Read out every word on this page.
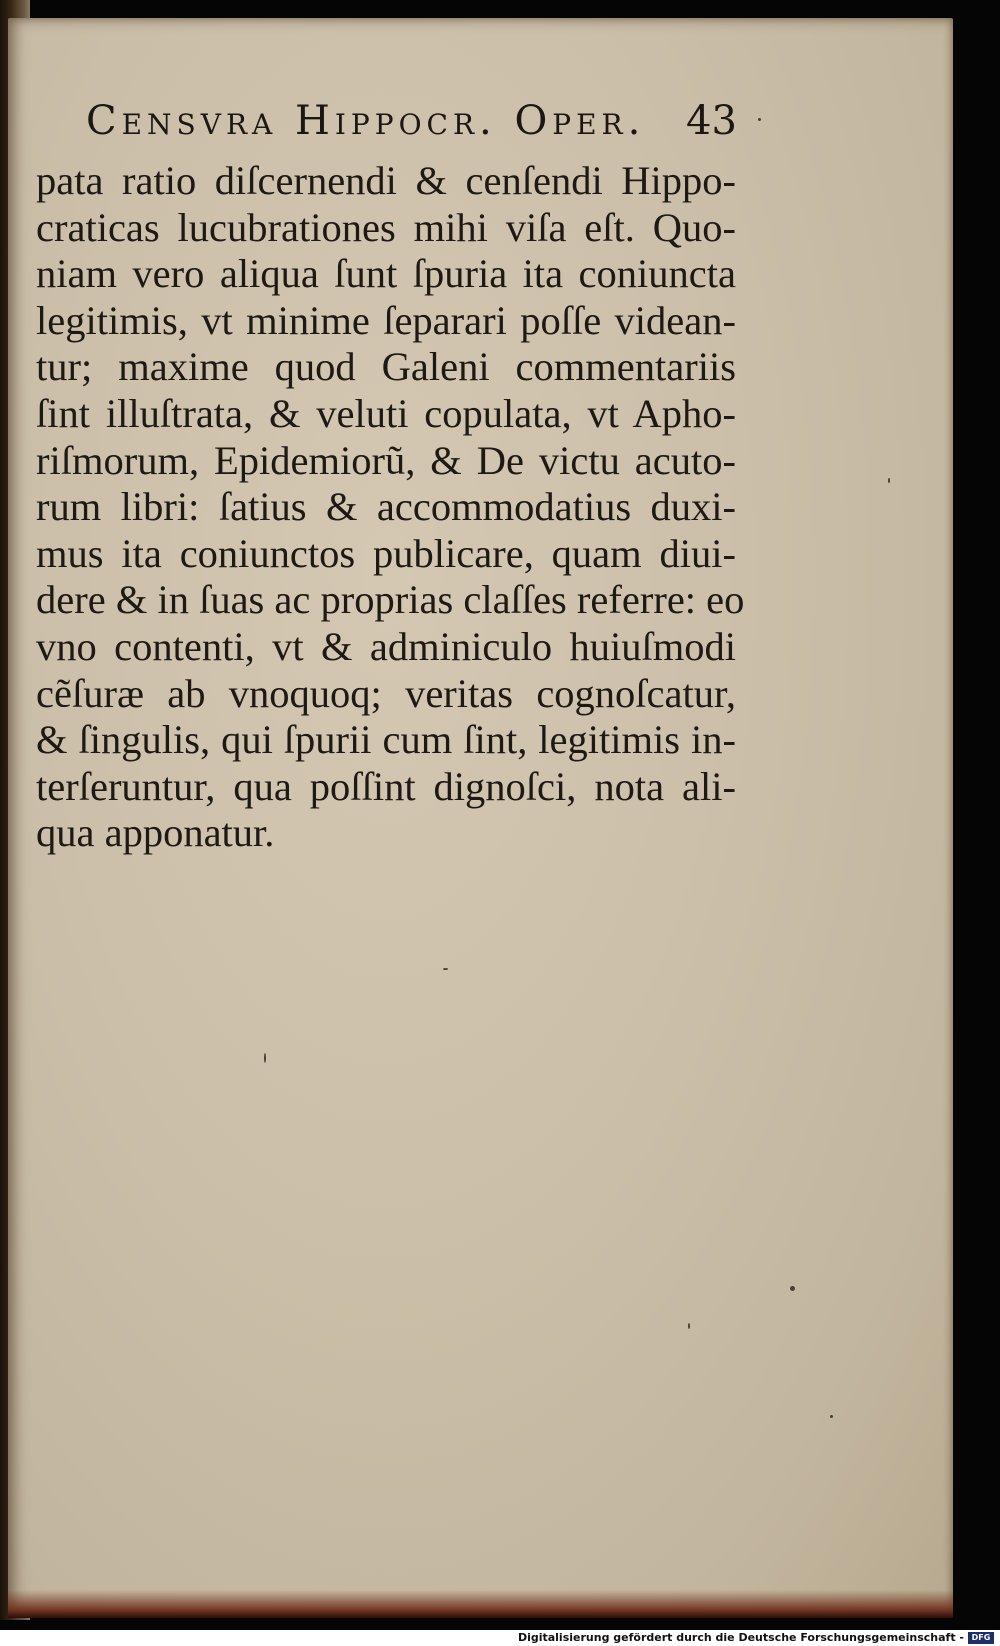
Censvra Hippocr. Oper. 43
pata ratio diſcernendi & cenſendi Hippo-
craticas lucubrationes mihi viſa eſt. Quo-
niam vero aliqua ſunt ſpuria ita coniuncta
legitimis, vt minime ſeparari poſſe videan-
tur; maxime quod Galeni commentariis
ſint illuſtrata, & veluti copulata, vt Apho-
riſmorum, Epidemiorũ, & De victu acuto-
rum libri: ſatius & accommodatius duxi-
mus ita coniunctos publicare, quam diui-
dere & in ſuas ac proprias claſſes referre: eo
vno contenti, vt & adminiculo huiuſmodi
cẽſuræ ab vnoquoq; veritas cognoſcatur,
& ſingulis, qui ſpurii cum ſint, legitimis in-
terſeruntur, qua poſſint dignoſci, nota ali-
qua apponatur.
Digitalisierung gefördert durch die Deutsche Forschungsgemeinschaft - DFG
